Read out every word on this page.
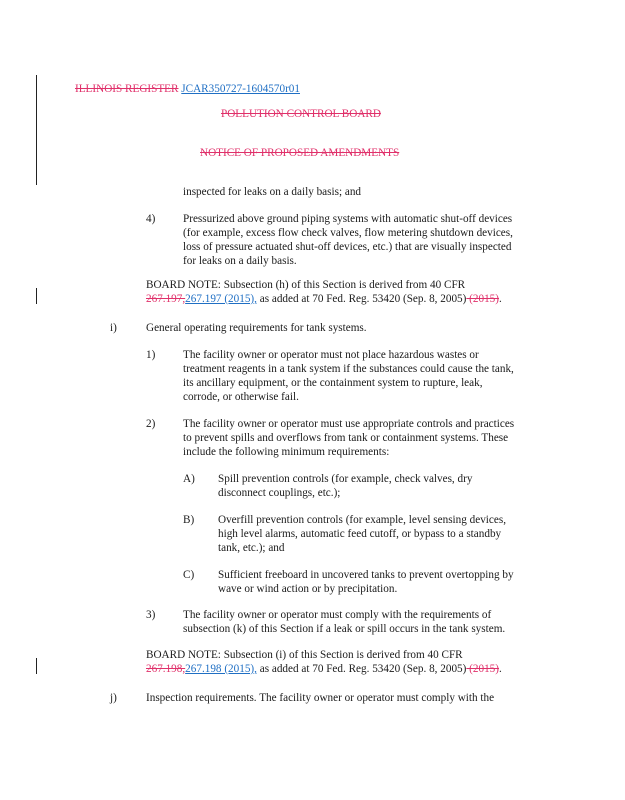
ILLINOIS REGISTER JCAR350727-1604570r01
POLLUTION CONTROL BOARD
NOTICE OF PROPOSED AMENDMENTS
inspected for leaks on a daily basis; and
4) Pressurized above ground piping systems with automatic shut-off devices
(for example, excess flow check valves, flow metering shutdown devices,
loss of pressure actuated shut-off devices, etc.) that are visually inspected
for leaks on a daily basis.
BOARD NOTE: Subsection (h) of this Section is derived from 40 CFR
267.197,267.197 (2015), as added at 70 Fed. Reg. 53420 (Sep. 8, 2005) (2015).
i)	General operating requirements for tank systems.
1) The facility owner or operator must not place hazardous wastes or
treatment reagents in a tank system if the substances could cause the tank,
its ancillary equipment, or the containment system to rupture, leak,
corrode, or otherwise fail.
2) The facility owner or operator must use appropriate controls and practices
to prevent spills and overflows from tank or containment systems. These
include the following minimum requirements:
A) Spill prevention controls (for example, check valves, dry
disconnect couplings, etc.);
B) Overfill prevention controls (for example, level sensing devices,
high level alarms, automatic feed cutoff, or bypass to a standby
tank, etc.); and
C) Sufficient freeboard in uncovered tanks to prevent overtopping by
wave or wind action or by precipitation.
3) The facility owner or operator must comply with the requirements of
subsection (k) of this Section if a leak or spill occurs in the tank system.
BOARD NOTE: Subsection (i) of this Section is derived from 40 CFR
267.198,267.198 (2015), as added at 70 Fed. Reg. 53420 (Sep. 8, 2005) (2015).
j)	Inspection requirements. The facility owner or operator must comply with the
